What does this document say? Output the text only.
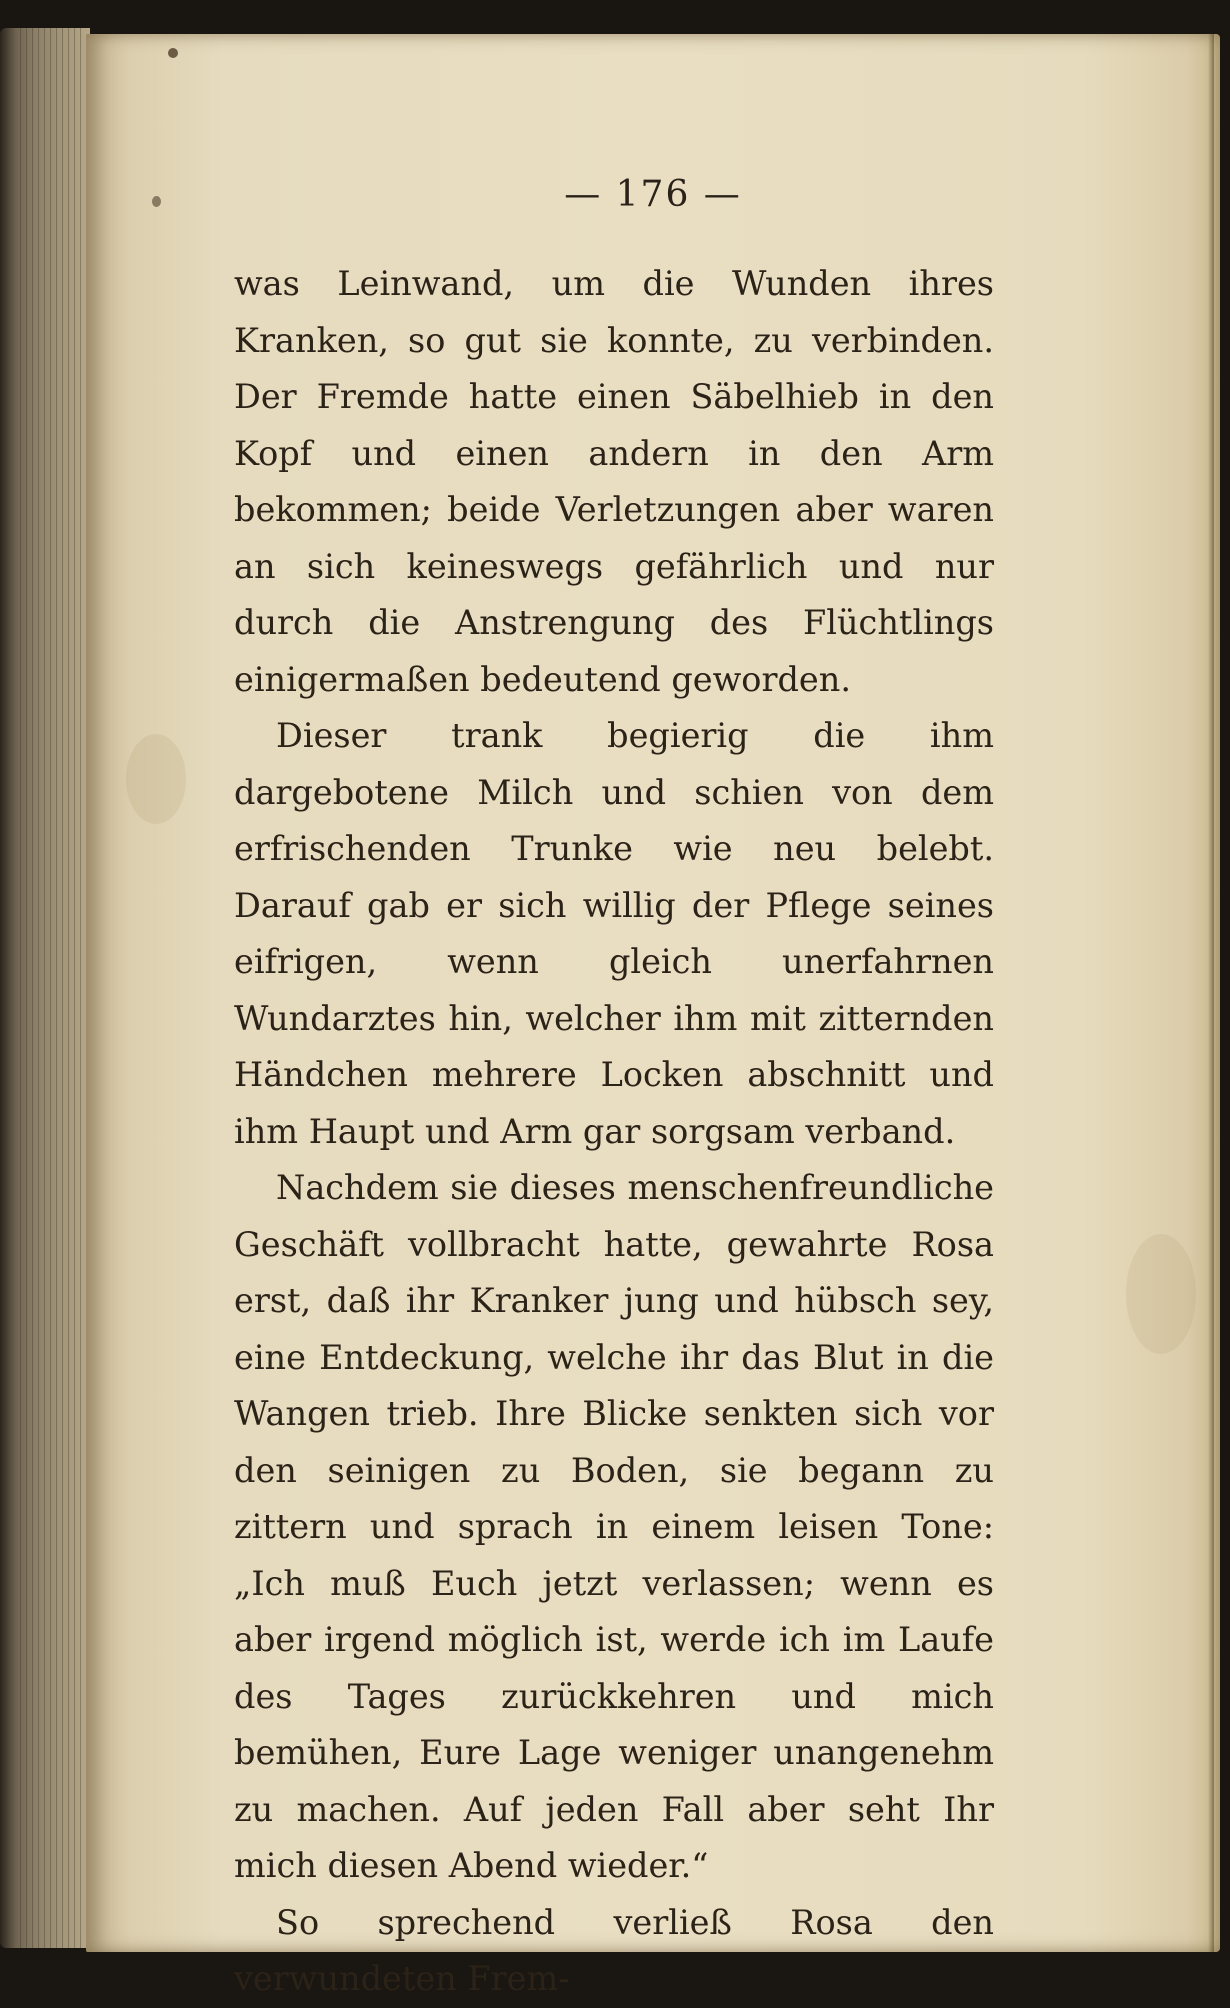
— 176 —

was Leinwand, um die Wunden ihres Kranken, so gut sie konnte, zu verbinden. Der Fremde hatte einen Säbelhieb in den Kopf und einen andern in den Arm bekommen; beide Verletzungen aber waren an sich keineswegs gefährlich und nur durch die Anstrengung des Flüchtlings einigermaßen bedeutend geworden.

Dieser trank begierig die ihm dargebotene Milch und schien von dem erfrischenden Trunke wie neu belebt. Darauf gab er sich willig der Pflege seines eifrigen, wenn gleich unerfahrnen Wundarztes hin, welcher ihm mit zitternden Händchen mehrere Locken abschnitt und ihm Haupt und Arm gar sorgsam verband.

Nachdem sie dieses menschenfreundliche Geschäft vollbracht hatte, gewahrte Rosa erst, daß ihr Kranker jung und hübsch sey, eine Entdeckung, welche ihr das Blut in die Wangen trieb. Ihre Blicke senkten sich vor den seinigen zu Boden, sie begann zu zittern und sprach in einem leisen Tone: „Ich muß Euch jetzt verlassen; wenn es aber irgend möglich ist, werde ich im Laufe des Tages zurückkehren und mich bemühen, Eure Lage weniger unangenehm zu machen. Auf jeden Fall aber seht Ihr mich diesen Abend wieder.“

So sprechend verließ Rosa den verwundeten Frem-
